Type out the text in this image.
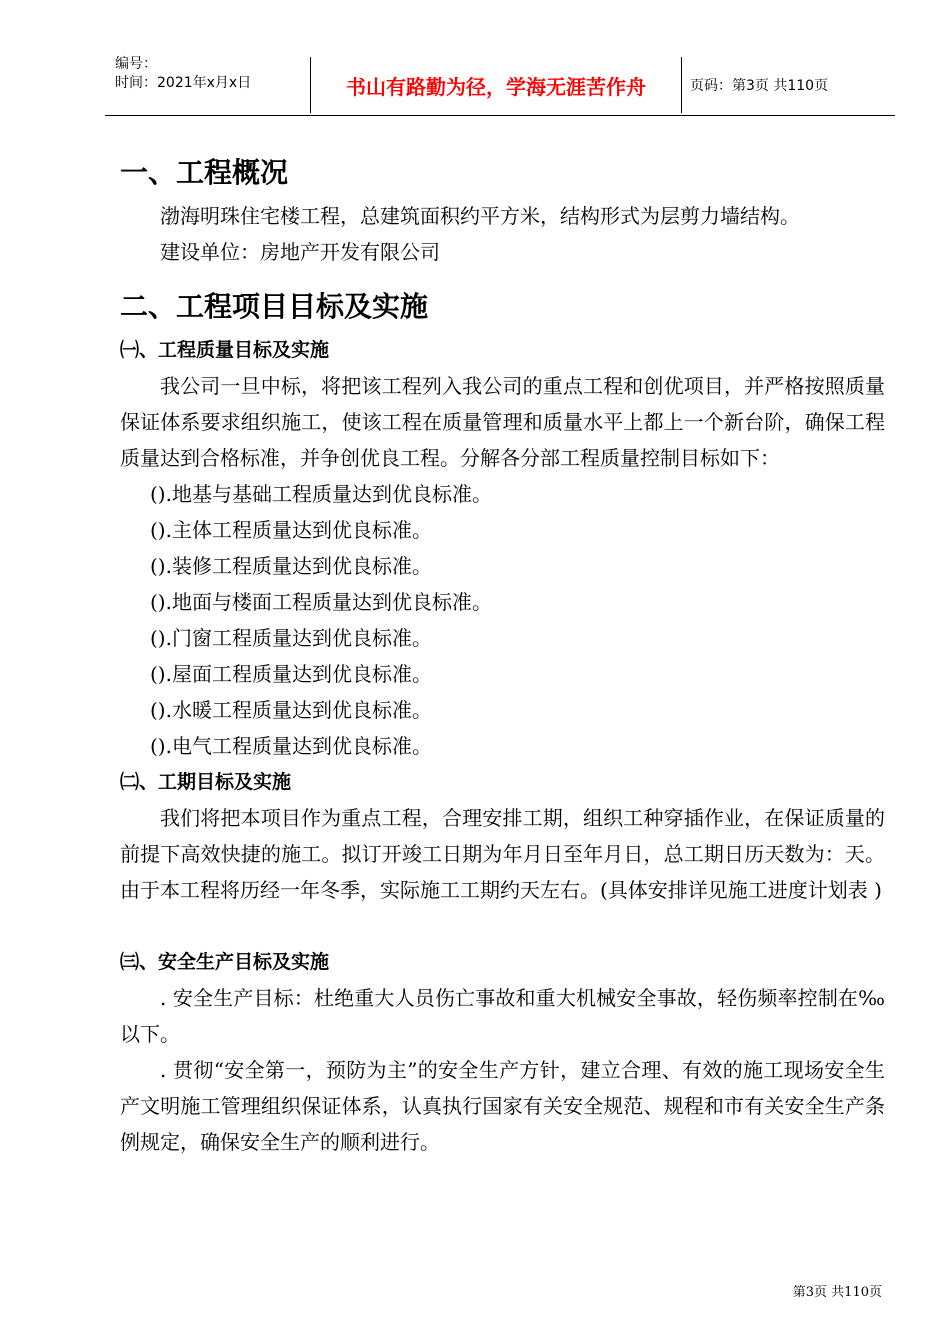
编号：
时间：2021年x月x日	书山有路勤为径，学海无涯苦作舟	页码：第3页 共110页
一、工程概况

渤海明珠住宅楼工程，总建筑面积约平方米，结构形式为层剪力墙结构。

建设单位：房地产开发有限公司

二、工程项目目标及实施
㈠、工程质量目标及实施

我公司一旦中标，将把该工程列入我公司的重点工程和创优项目，并严格按照质量保证体系要求组织施工，使该工程在质量管理和质量水平上都上一个新台阶，确保工程质量达到合格标准，并争创优良工程。分解各分部工程质量控制目标如下：

().地基与基础工程质量达到优良标准。

().主体工程质量达到优良标准。

().装修工程质量达到优良标准。

().地面与楼面工程质量达到优良标准。

().门窗工程质量达到优良标准。

().屋面工程质量达到优良标准。

().水暖工程质量达到优良标准。

().电气工程质量达到优良标准。

㈡、工期目标及实施

我们将把本项目作为重点工程，合理安排工期，组织工种穿插作业，在保证质量的前提下高效快捷的施工。拟订开竣工日期为年月日至年月日，总工期日历天数为：天。由于本工程将历经一年冬季，实际施工工期约天左右。(具体安排详见施工进度计划表 )

㈢、安全生产目标及实施

. 安全生产目标：杜绝重大人员伤亡事故和重大机械安全事故，轻伤频率控制在‰以下。

. 贯彻“安全第一，预防为主”的安全生产方针，建立合理、有效的施工现场安全生产文明施工管理组织保证体系，认真执行国家有关安全规范、规程和市有关安全生产条例规定，确保安全生产的顺利进行。

第3页 共110页
